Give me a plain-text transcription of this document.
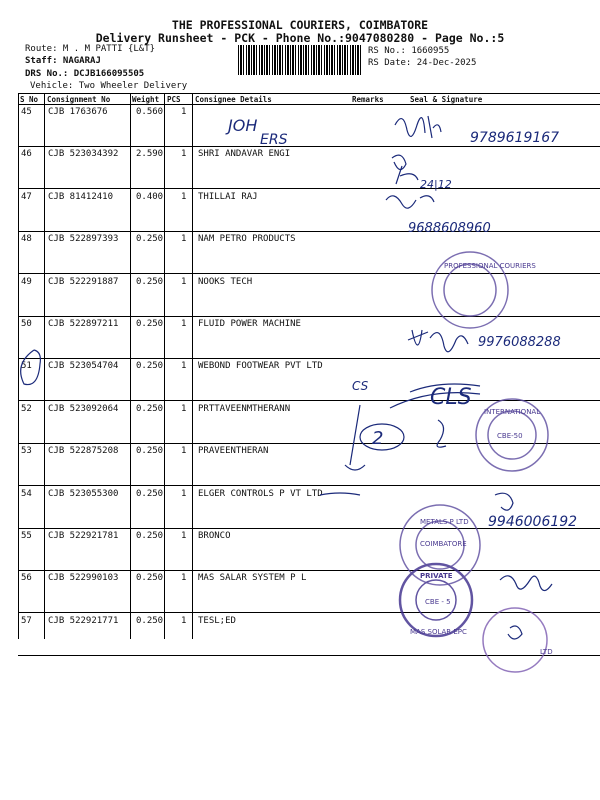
THE PROFESSIONAL COURIERS, COIMBATORE
Delivery Runsheet - PCK - Phone No.:9047080280 - Page No.:5
Route: M . M PATTI {L&T}
Staff: NAGARAJ
DRS No.: DCJB166095505
Vehicle: Two Wheeler Delivery
RS No.: 1660955
RS Date: 24-Dec-2025
S No Consignment No	Weight PCS Consignee Details	Remarks	Seal & Signature
45 CJB 1763676	0.560 1
46 CJB 523034392 2.590 1 SHRI ANDAVAR ENGI
47 CJB 81412410	0.400 1 THILLAI RAJ
48 CJB 522897393 0.250 1 NAM PETRO PRODUCTS
49 CJB 522291887 0.250 1 NOOKS TECH
50 CJB 522897211 0.250 1 FLUID POWER MACHINE
51 CJB 523054704 0.250 1 WEBOND FOOTWEAR PVT LTD
52 CJB 523092064 0.250 1 PRTTAVEENMTHERANN
53 CJB 522875208 0.250 1 PRAVEENTHERAN
54 CJB 523055300 0.250 1 ELGER CONTROLS P VT LTD
55 CJB 522921781 0.250 1 BRONCO
56 CJB 522990103 0.250 1 MAS SALAR SYSTEM P L
57 CJB 522921771 0.250 1 TESL;ED
JOH
ERS	9789619167
24|12
9688608960
9976088288
CLS
CS
2
9946006192
PROFESSIONAL COURIERS
INTERNATIONAL
CBE-50
METALS P LTD
COIMBATORE
PRIVATE
CBE - 5
MAS SOLAR EPC
LTD
